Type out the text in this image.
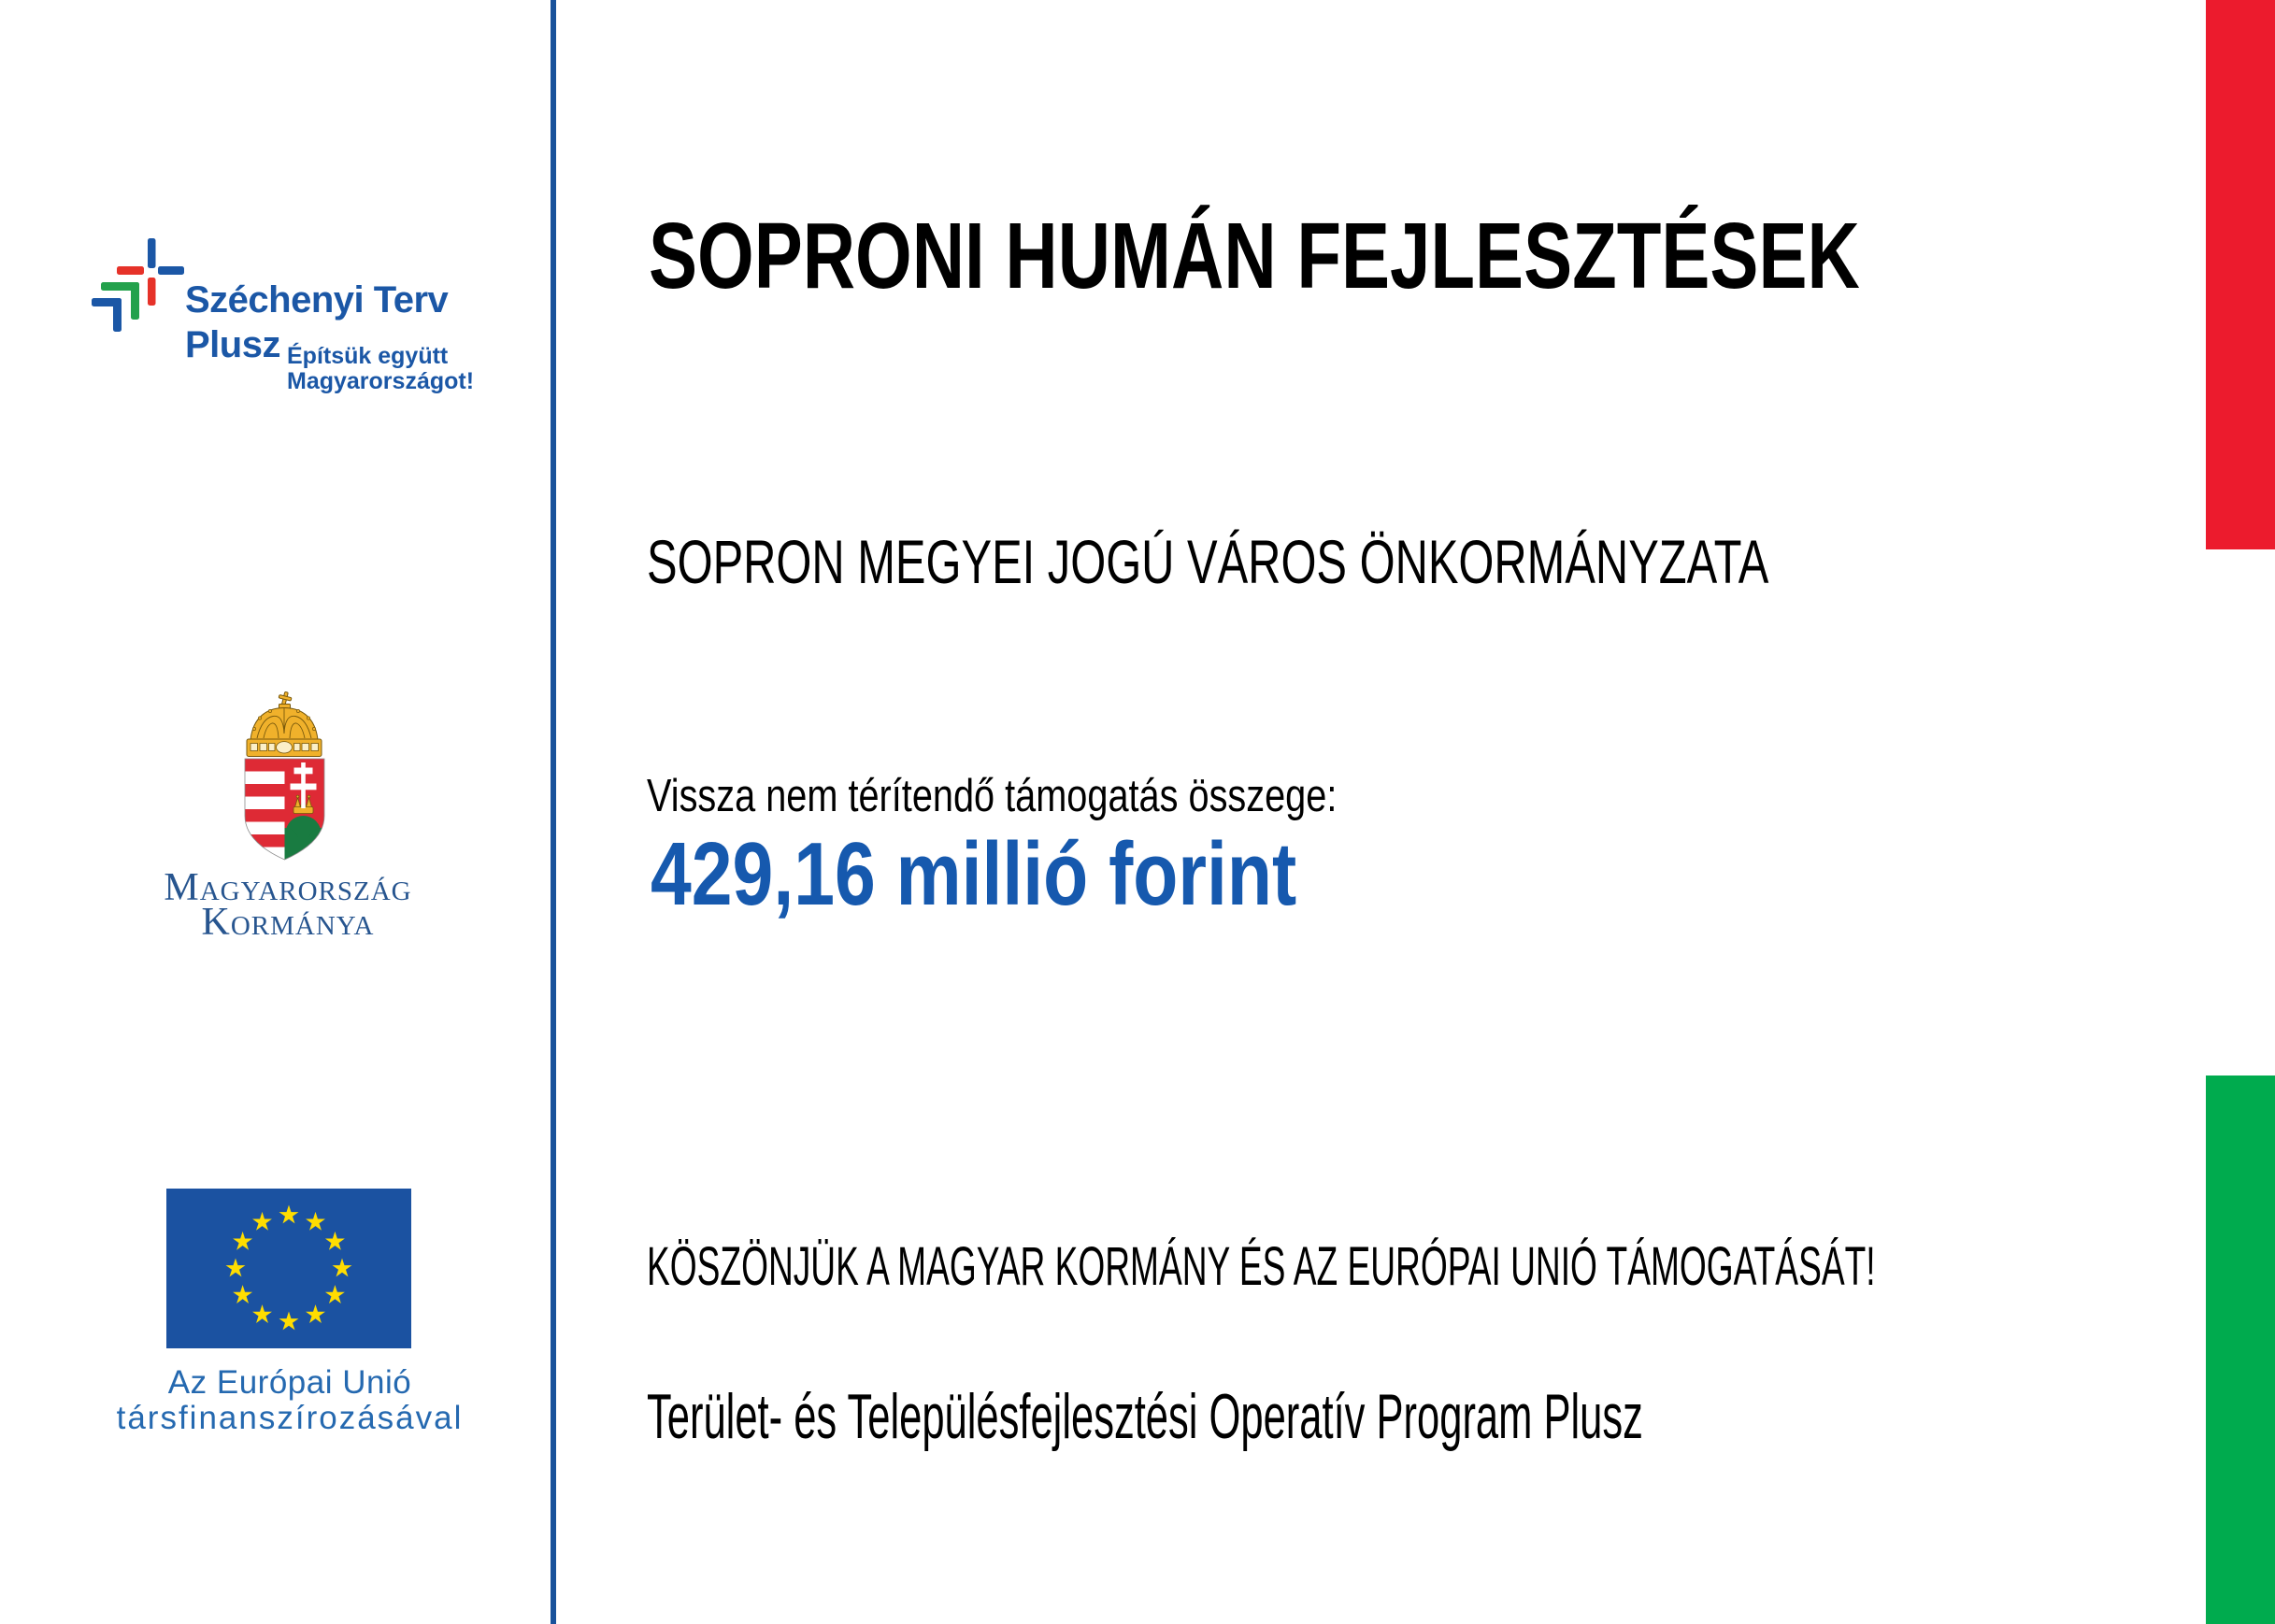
Széchenyi Terv
Plusz Építsük együtt
Magyarországot!
Magyarország
Kormánya
Az Európai Unió
társfinanszírozásával
SOPRONI HUMÁN FEJLESZTÉSEK
SOPRON MEGYEI JOGÚ VÁROS ÖNKORMÁNYZATA
Vissza nem térítendő támogatás összege:
429,16 millió forint
KÖSZÖNJÜK A MAGYAR KORMÁNY ÉS AZ EURÓPAI UNIÓ TÁMOGATÁSÁT!
Terület- és Településfejlesztési Operatív Program Plusz
